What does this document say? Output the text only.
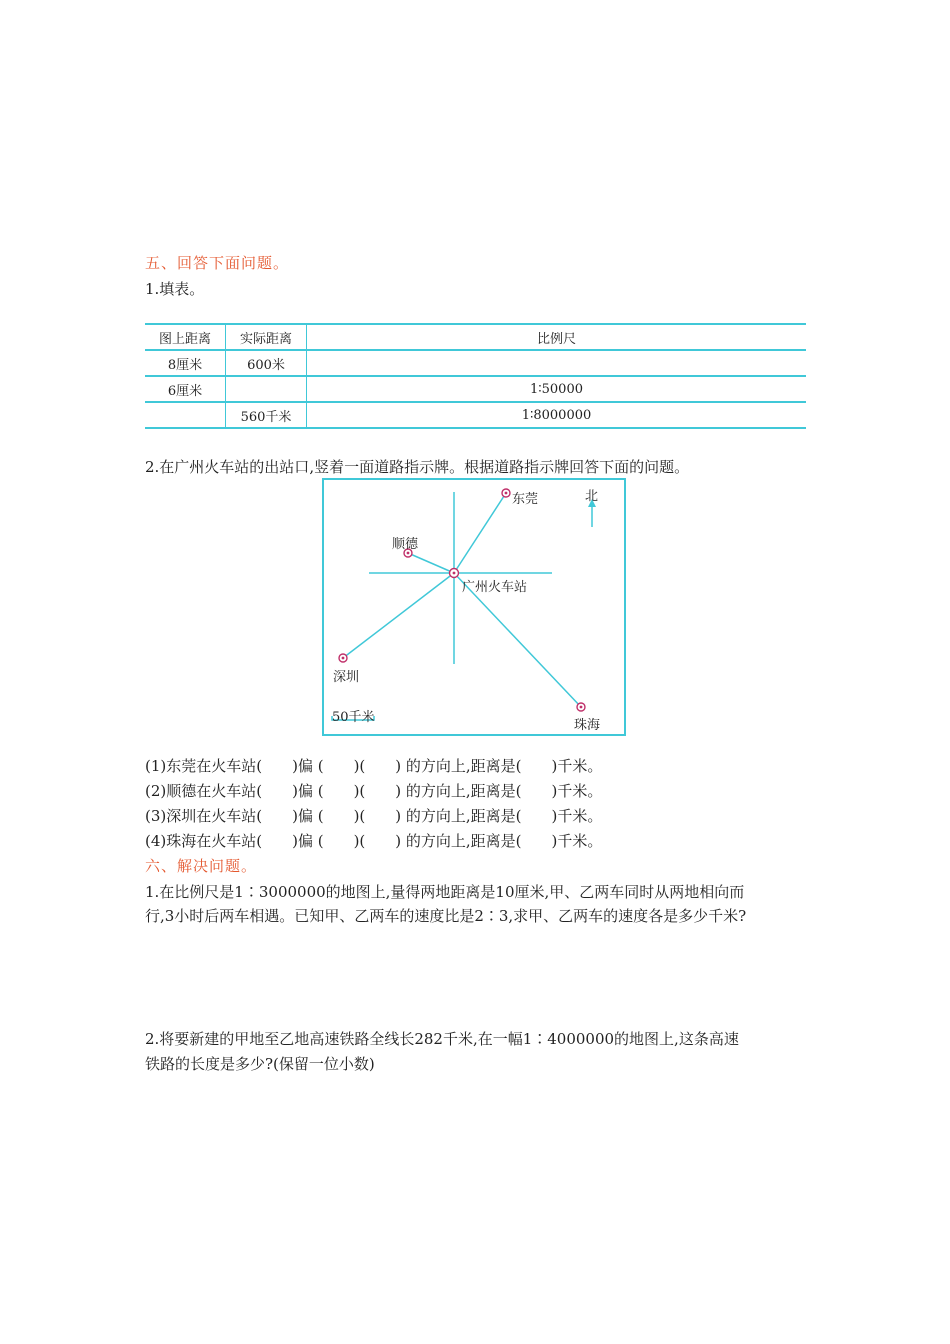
五、回答下面问题。
1.填表。
图上距离	实际距离	比例尺
8厘米	600米	
6厘米		1∶50000
	560千米	1∶8000000
2.在广州火车站的出站口,竖着一面道路指示牌。根据道路指示牌回答下面的问题。
东莞
顺德
广州火车站
深圳
珠海
北
50千米
(1)东莞在火车站(　　)偏 (　　)(　　) 的方向上,距离是(　　)千米。
(2)顺德在火车站(　　)偏 (　　)(　　) 的方向上,距离是(　　)千米。
(3)深圳在火车站(　　)偏 (　　)(　　) 的方向上,距离是(　　)千米。
(4)珠海在火车站(　　)偏 (　　)(　　) 的方向上,距离是(　　)千米。
六、解决问题。
1.在比例尺是1∶3000000的地图上,量得两地距离是10厘米,甲、乙两车同时从两地相向而
行,3小时后两车相遇。已知甲、乙两车的速度比是2∶3,求甲、乙两车的速度各是多少千米?
2.将要新建的甲地至乙地高速铁路全线长282千米,在一幅1∶4000000的地图上,这条高速
铁路的长度是多少?(保留一位小数)
